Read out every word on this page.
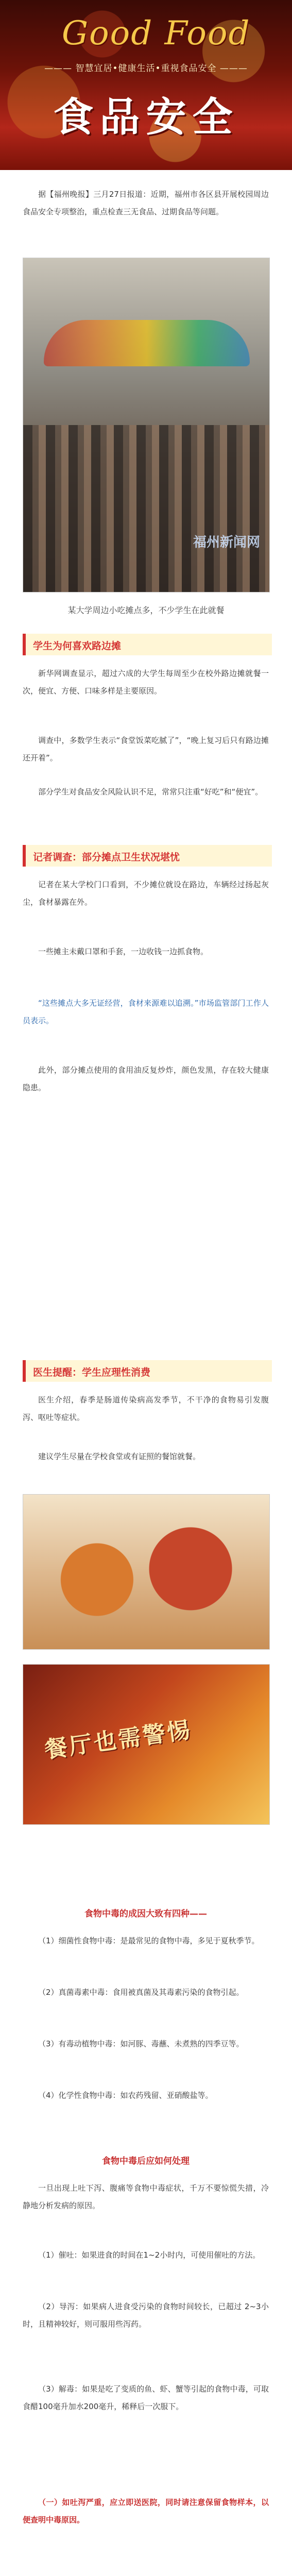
Good Food
——— 智慧宜居•健康生活•重视食品安全 ———
食品安全
据【福州晚报】三月27日报道：近期，福州市各区县开展校园周边食品安全专项整治，重点检查三无食品、过期食品等问题。
福州新闻网
某大学周边小吃摊点多，不少学生在此就餐
学生为何喜欢路边摊
新华网调查显示，超过六成的大学生每周至少在校外路边摊就餐一次，便宜、方便、口味多样是主要原因。
调查中，多数学生表示“食堂饭菜吃腻了”，“晚上复习后只有路边摊还开着”。
部分学生对食品安全风险认识不足，常常只注重“好吃”和“便宜”。
记者调查：部分摊点卫生状况堪忧
记者在某大学校门口看到，不少摊位就设在路边，车辆经过扬起灰尘，食材暴露在外。
一些摊主未戴口罩和手套，一边收钱一边抓食物。
“这些摊点大多无证经营，食材来源难以追溯。”市场监管部门工作人员表示。
此外，部分摊点使用的食用油反复炒炸，颜色发黑，存在较大健康隐患。
医生提醒：学生应理性消费
医生介绍，春季是肠道传染病高发季节，不干净的食物易引发腹泻、呕吐等症状。
建议学生尽量在学校食堂或有证照的餐馆就餐。
餐厅也需警惕
食物中毒的成因大致有四种——
（1）细菌性食物中毒：是最常见的食物中毒，多见于夏秋季节。
（2）真菌毒素中毒：食用被真菌及其毒素污染的食物引起。
（3）有毒动植物中毒：如河豚、毒蘸、未煮熟的四季豆等。
（4）化学性食物中毒：如农药残留、亚硝酸盐等。
食物中毒后应如何处理
一旦出现上吐下泻、腹痛等食物中毒症状，千万不要惊慌失措，冷静地分析发病的原因。
（1）催吐：如果进食的时间在1~2小时内，可使用催吐的方法。
（2）导泻：如果病人进食受污染的食物时间较长，已超过 2~3小时，且精神较好，则可服用些泻药。
（3）解毒：如果是吃了变质的鱼、虾、蟹等引起的食物中毒，可取食醋100毫升加水200毫升，稀释后一次服下。
（一）如吐泻严重，应立即送医院，同时请注意保留食物样本，以便查明中毒原因。
